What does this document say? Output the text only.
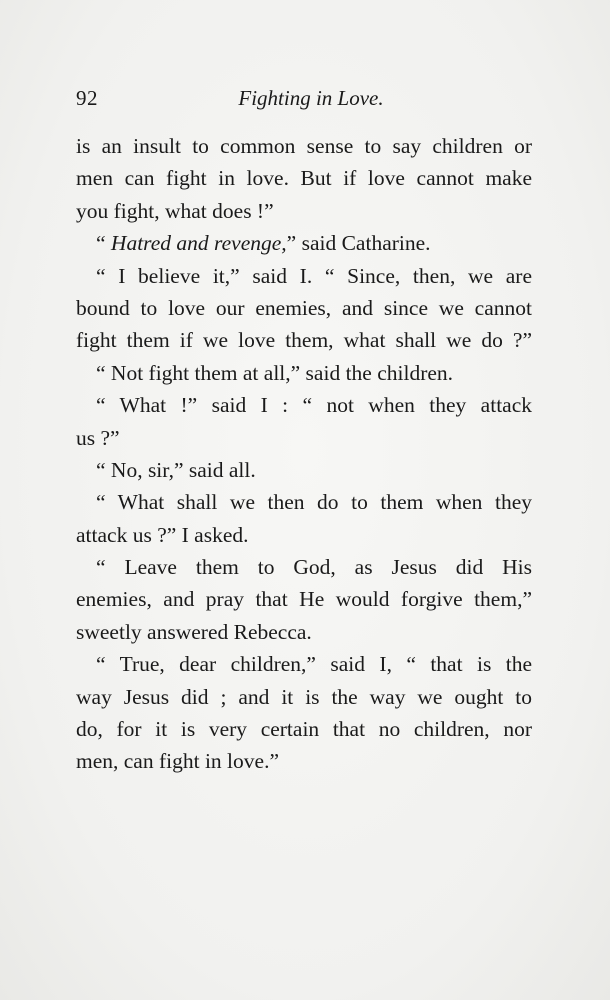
92	Fighting in Love.
is an insult to common sense to say children or
men can fight in love. But if love cannot make
you fight, what does !”
“ Hatred and revenge,” said Catharine.
“ I believe it,” said I. “ Since, then, we are
bound to love our enemies, and since we cannot
fight them if we love them, what shall we do ?”
“ Not fight them at all,” said the children.
“ What !” said I : “ not when they attack
us ?”
“ No, sir,” said all.
“ What shall we then do to them when they
attack us ?” I asked.
“ Leave them to God, as Jesus did His
enemies, and pray that He would forgive them,”
sweetly answered Rebecca.
“ True, dear children,” said I, “ that is the
way Jesus did ; and it is the way we ought to
do, for it is very certain that no children, nor
men, can fight in love.”
